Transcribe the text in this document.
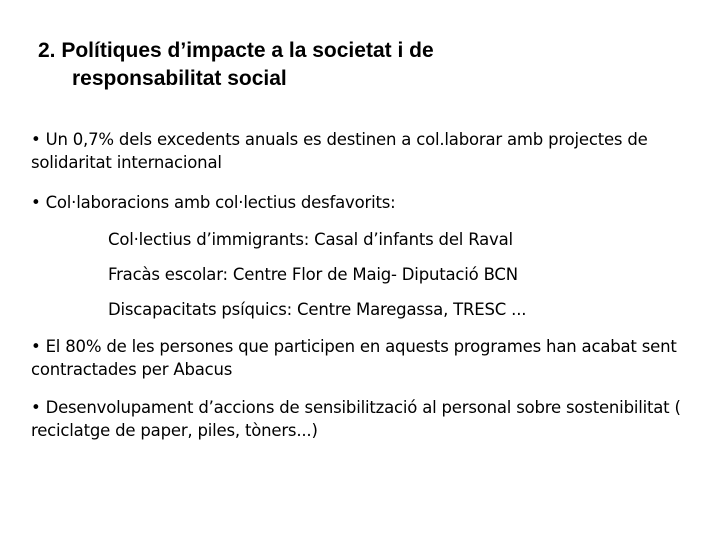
2. Polítiques d’impacte a la societat i de
responsabilitat social
• Un 0,7% dels excedents anuals es destinen a col.laborar amb projectes de solidaritat internacional
• Col·laboracions amb col·lectius desfavorits:
Col·lectius d’immigrants: Casal d’infants del Raval
Fracàs escolar: Centre Flor de Maig- Diputació BCN
Discapacitats psíquics: Centre Maregassa, TRESC ...
• El 80% de les persones que participen en aquests programes han acabat sent contractades per Abacus
• Desenvolupament d’accions de sensibilització al personal sobre sostenibilitat ( reciclatge de paper, piles, tòners...)
